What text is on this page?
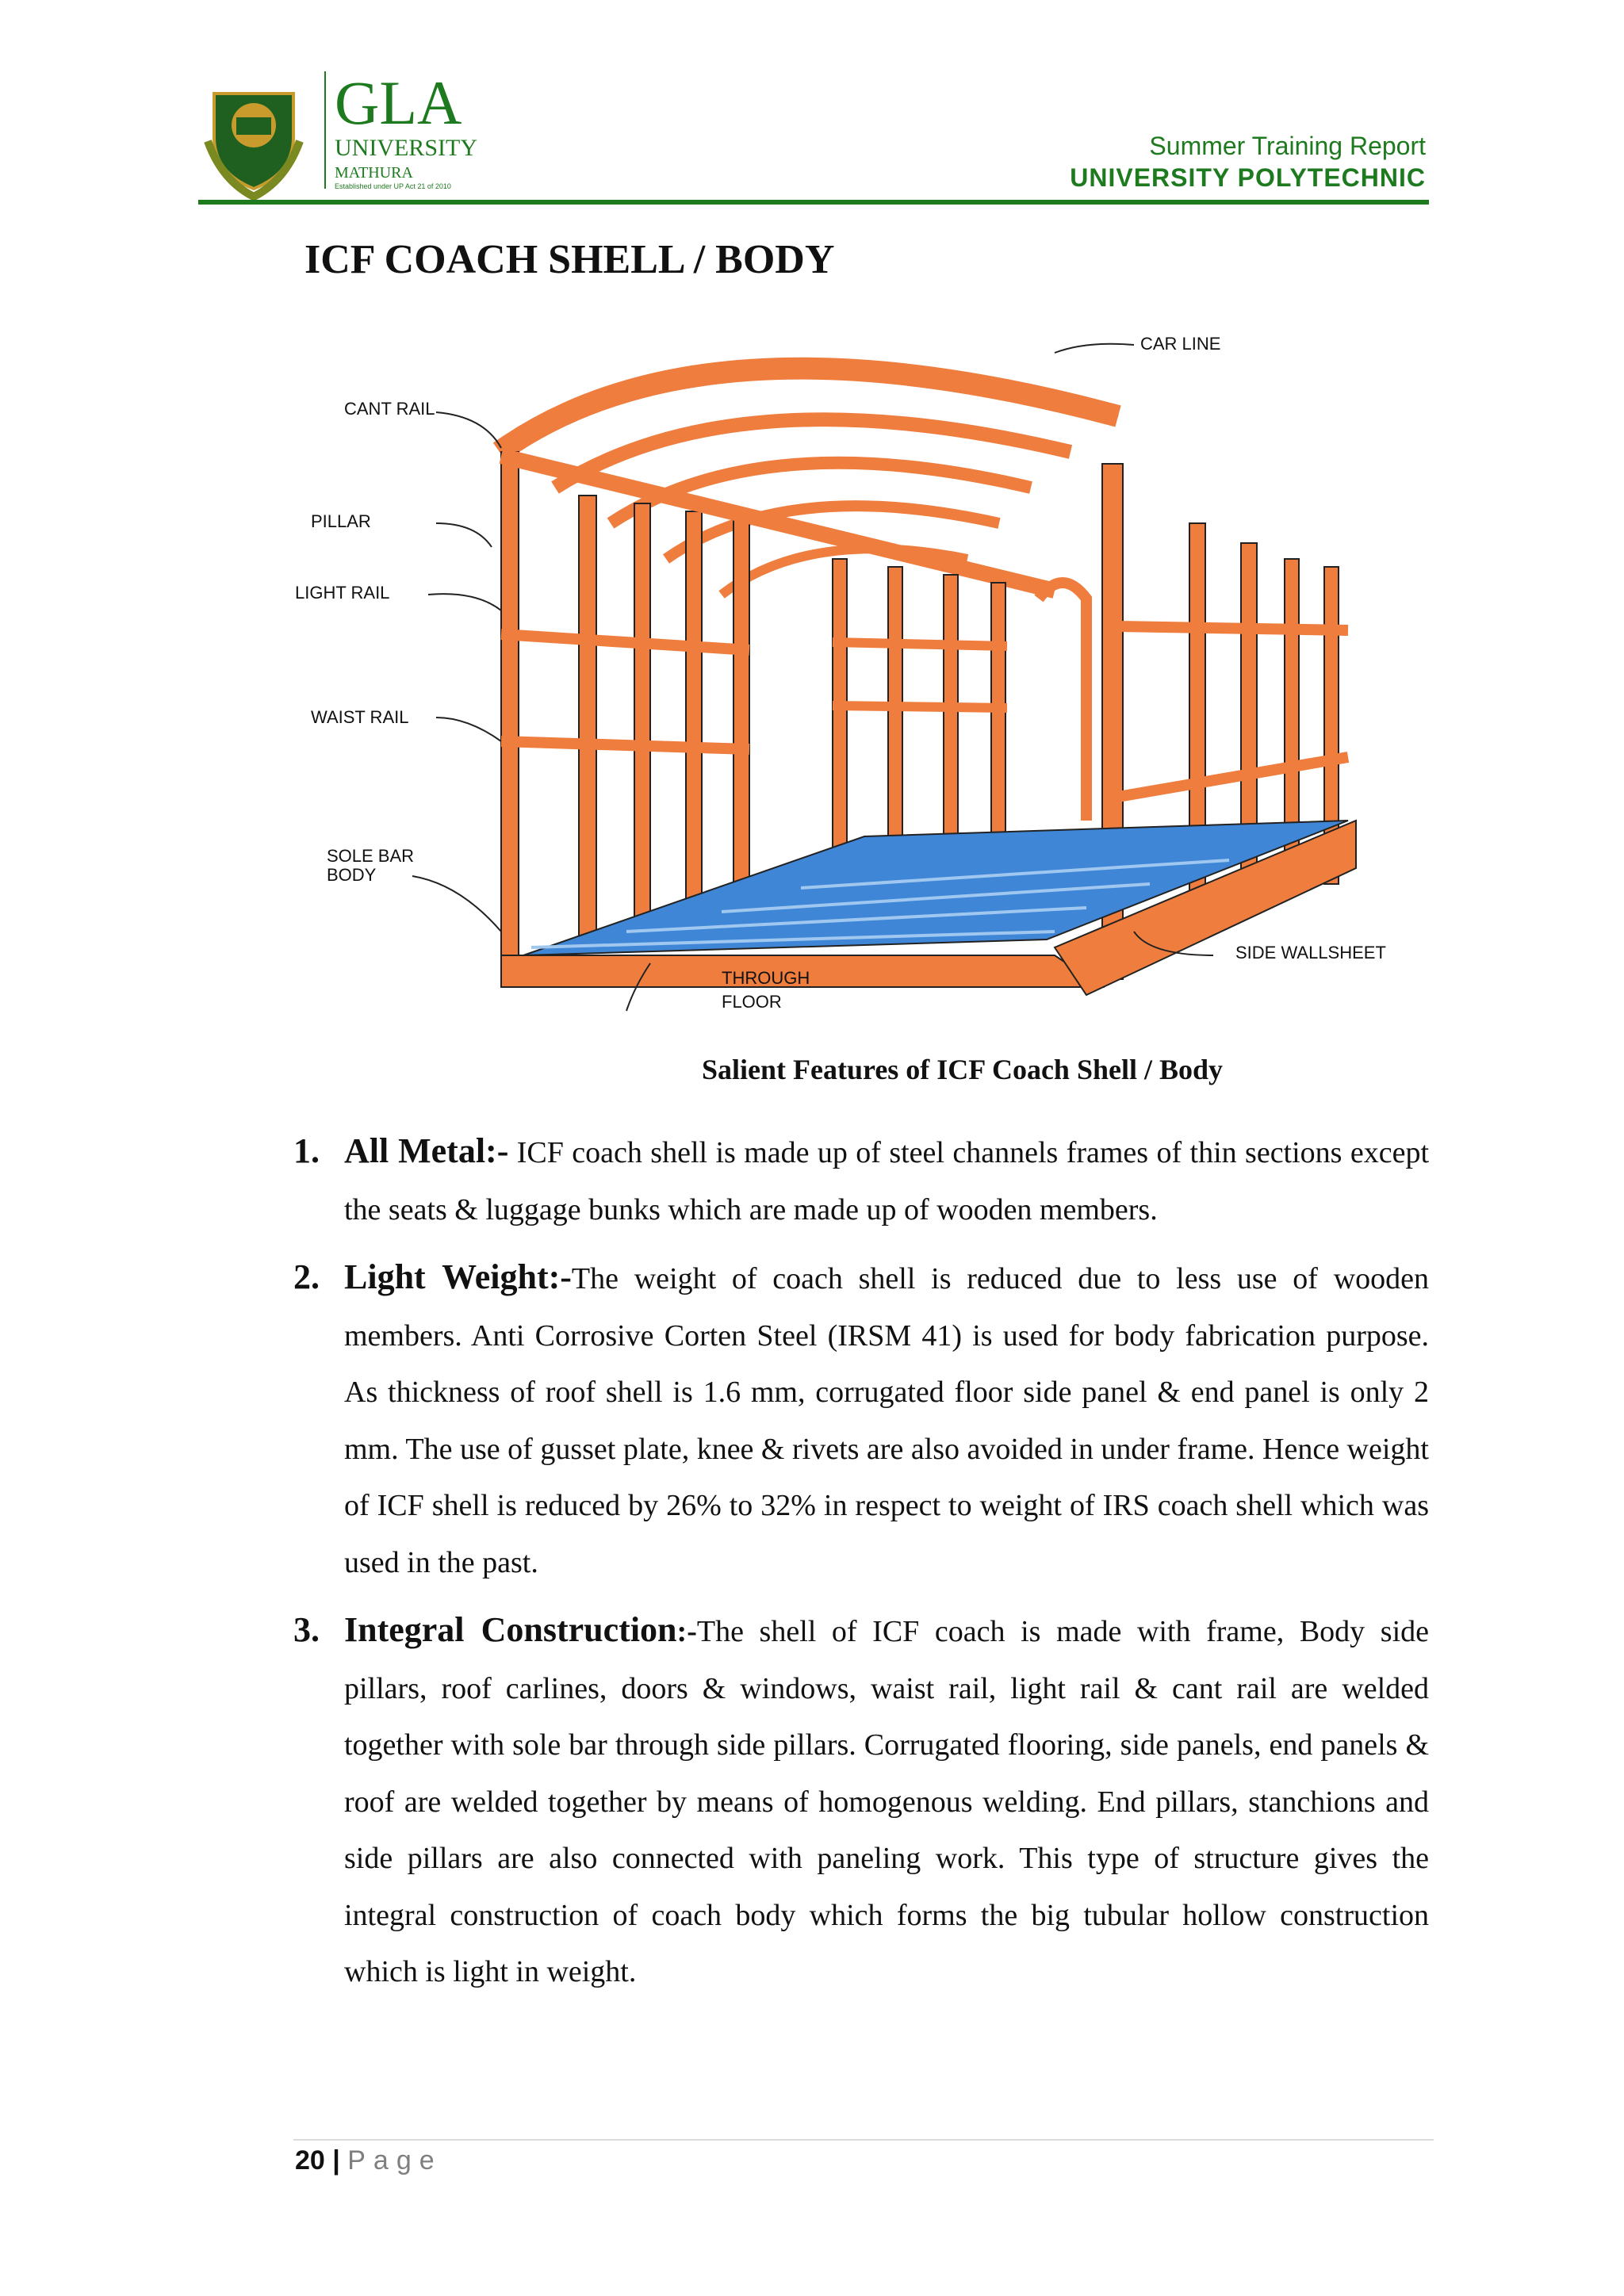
GLA
UNIVERSITY
MATHURA
Established under UP Act 21 of 2010
Summer Training Report
UNIVERSITY POLYTECHNIC
ICF COACH SHELL / BODY
CAR LINE
CANT RAIL
PILLAR
LIGHT RAIL
WAIST RAIL
SOLE BAR
BODY
THROUGH
FLOOR
SIDE WALLSHEET
Salient Features of ICF Coach Shell / Body
1. All Metal:- ICF coach shell is made up of steel channels frames of thin sections except the seats & luggage bunks which are made up of wooden members.

2. Light Weight:-The weight of coach shell is reduced due to less use of wooden members. Anti Corrosive Corten Steel (IRSM 41) is used for body fabrication purpose. As thickness of roof shell is 1.6 mm, corrugated floor side panel & end panel is only 2 mm. The use of gusset plate, knee & rivets are also avoided in under frame. Hence weight of ICF shell is reduced by 26% to 32% in respect to weight of IRS coach shell which was used in the past.

3. Integral Construction:-The shell of ICF coach is made with frame, Body side pillars, roof carlines, doors & windows, waist rail, light rail & cant rail are welded together with sole bar through side pillars. Corrugated flooring, side panels, end panels & roof are welded together by means of homogenous welding. End pillars, stanchions and side pillars are also connected with paneling work. This type of structure gives the integral construction of coach body which forms the big tubular hollow construction which is light in weight.

20 | Page
